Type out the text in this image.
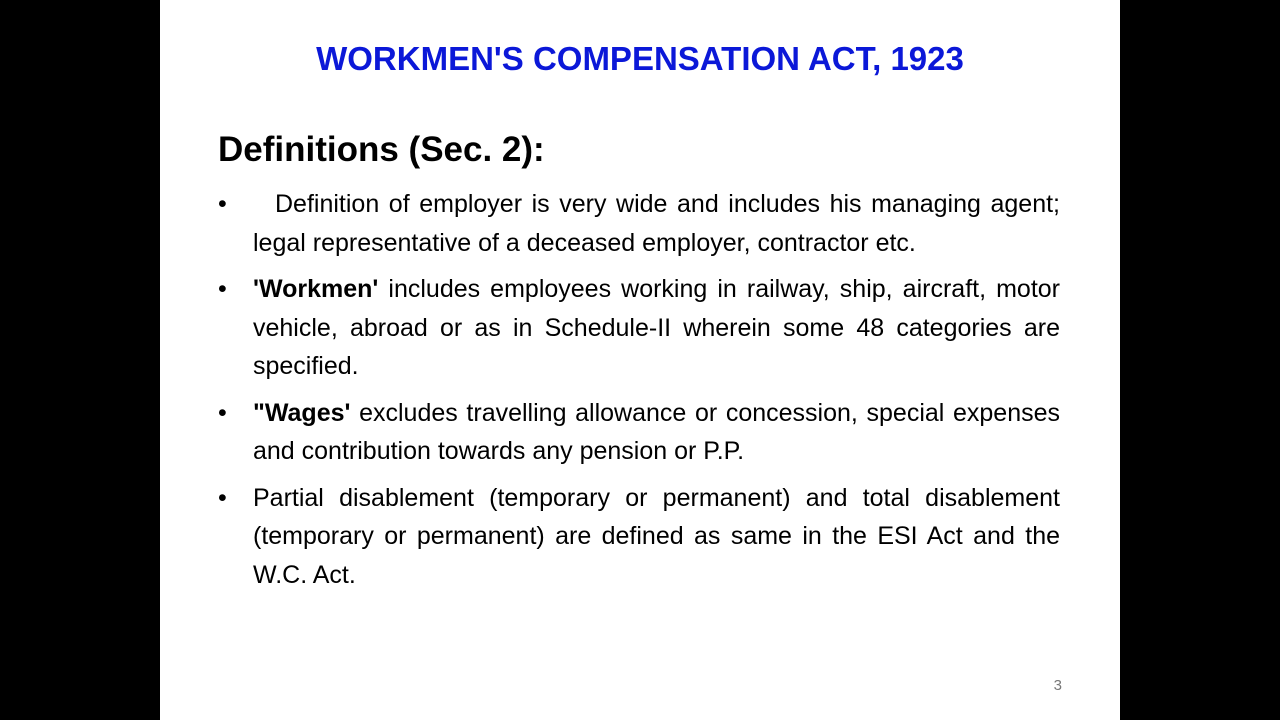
WORKMEN'S COMPENSATION ACT, 1923
Definitions (Sec. 2):
•	Definition of employer is very wide and includes his managing agent; legal representative of a deceased employer, contractor etc.
•	'Workmen' includes employees working in railway, ship, aircraft, motor vehicle, abroad or as in Schedule-II wherein some 48 categories are specified.
•	"Wages' excludes travelling allowance or concession, special expenses and contribution towards any pension or P.P.
•	Partial disablement (temporary or permanent) and total disablement (temporary or permanent) are defined as same in the ESI Act and the W.C. Act.
3
